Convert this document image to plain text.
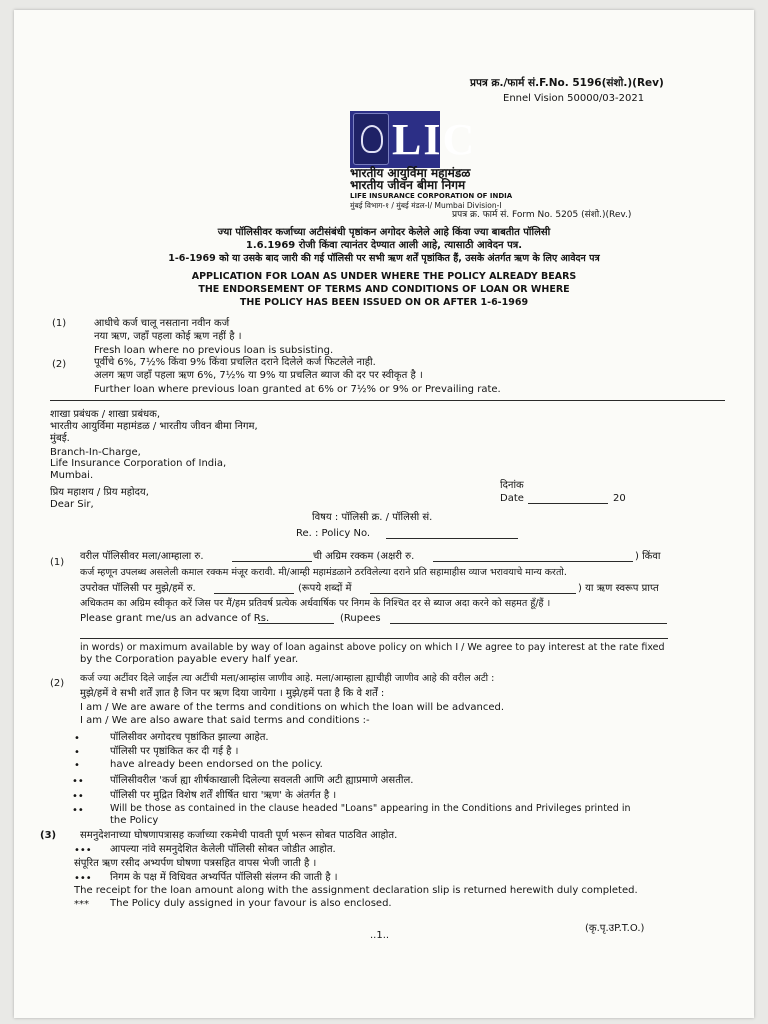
प्रपत्र क्र./फार्म सं.F.No. 5196(संशो.)(Rev)
Ennel Vision 50000/03-2021
LIC
भारतीय आयुर्विमा महामंडळ
भारतीय जीवन बीमा निगम
LIFE INSURANCE CORPORATION OF INDIA
मुंबई विभाग-१ / मुंबई मंडल-I/ Mumbai Division-I
प्रपत्र क्र. फार्म सं. Form No. 5205 (संशो.)(Rev.)
ज्या पॉलिसीवर कर्जाच्या अटीसंबंधी पृष्ठांकन अगोदर केलेले आहे किंवा ज्या बाबतीत पॉलिसी
1.6.1969 रोजी किंवा त्यानंतर देण्यात आली आहे, त्यासाठी आवेदन पत्र.
1-6-1969 को या उसके बाद जारी की गई पॉलिसी पर सभी ऋण शर्तें पृष्ठांकित हैं, उसके अंतर्गत ऋण के लिए आवेदन पत्र
APPLICATION FOR LOAN AS UNDER WHERE THE POLICY ALREADY BEARS
THE ENDORSEMENT OF TERMS AND CONDITIONS OF LOAN OR WHERE
THE POLICY HAS BEEN ISSUED ON OR AFTER 1-6-1969
(1)	आधीचे कर्ज चालू नसताना नवीन कर्ज
नया ऋण, जहाँ पहला कोई ऋण नहीं है ।
Fresh loan where no previous loan is subsisting.
(2)	पूर्वीचे 6%, 7½% किंवा 9% किंवा प्रचलित दराने दिलेले कर्ज फिटलेले नाही.
अलग ऋण जहाँ पहला ऋण 6%, 7½% या 9% या प्रचलित ब्याज की दर पर स्वीकृत है ।
Further loan where previous loan granted at 6% or 7½% or 9% or Prevailing rate.
शाखा प्रबंधक / शाखा प्रबंधक,
भारतीय आयुर्विमा महामंडळ / भारतीय जीवन बीमा निगम,
मुंबई.
Branch-In-Charge,
Life Insurance Corporation of India,
Mumbai.
दिनांक
Date	20
प्रिय महाशय / प्रिय महोदय,
Dear Sir,
विषय : पॉलिसी क्र. / पॉलिसी सं.
Re. : Policy No.
(1)
वरील पॉलिसीवर मला/आम्हाला रु.	ची अग्रिम रक्कम (अक्षरी रु.	) किंवा
कर्ज म्हणून उपलब्ध असलेली कमाल रक्कम मंजूर करावी. मी/आम्ही महामंडळाने ठरविलेल्या दराने प्रति सहामाहीस व्याज भरावयाचे मान्य करतो.
उपरोक्त पॉलिसी पर मुझे/हमें रु.	(रूपये शब्दों में	) या ऋण स्वरूप प्राप्त
अधिकतम का अग्रिम स्वीकृत करें जिस पर मैं/हम प्रतिवर्ष प्रत्येक अर्धवार्षिक पर निगम के निश्चित दर से ब्याज अदा करने को सहमत हूँ/हैं ।
Please grant me/us an advance of Rs.	(Rupees
in words) or maximum available by way of loan against above policy on which I / We agree to pay interest at the rate fixed
by the Corporation payable every half year.
(2) कर्ज ज्या अटींवर दिले जाईल त्या अटींची मला/आम्हांस जाणीव आहे. मला/आम्हाला ह्याचीही जाणीव आहे की वरील अटी :
मुझे/हमें वे सभी शर्तें ज्ञात है जिन पर ऋण दिया जायेगा । मुझे/हमें पता है कि वे शर्तें :
I am / We are aware of the terms and conditions on which the loan will be advanced.
I am / We are also aware that said terms and conditions :-
•	पॉलिसीवर अगोदरच पृष्ठांकित झाल्या आहेत.
•	पॉलिसी पर पृष्ठांकित कर दी गई है ।
•	have already been endorsed on the policy.
••	पॉलिसीवरील 'कर्ज ह्या शीर्षकाखाली दिलेल्या सवलती आणि अटी ह्याप्रमाणे असतील.
••	पॉलिसी पर मुद्रित विशेष शर्तें शीर्षित धारा 'ऋण' के अंतर्गत है ।
••	Will be those as contained in the clause headed "Loans" appearing in the Conditions and Privileges printed in
the Policy
(3) समनुदेशनाच्या घोषणापत्रासह कर्जाच्या रकमेची पावती पूर्ण भरून सोबत पाठवित आहोत.
••• आपल्या नांवे समनुदेशित केलेली पॉलिसी सोबत जोडीत आहोत.
संपूरित ऋण रसीद अभ्यर्पण घोषणा पत्रसहित वापस भेजी जाती है ।
••• निगम के पक्ष में विधिवत अभ्यर्पित पॉलिसी संलग्न की जाती है ।
The receipt for the loan amount along with the assignment declaration slip is returned herewith duly completed.
*** The Policy duly assigned in your favour is also enclosed.
..1..
(कृ.पृ.उP.T.O.)
